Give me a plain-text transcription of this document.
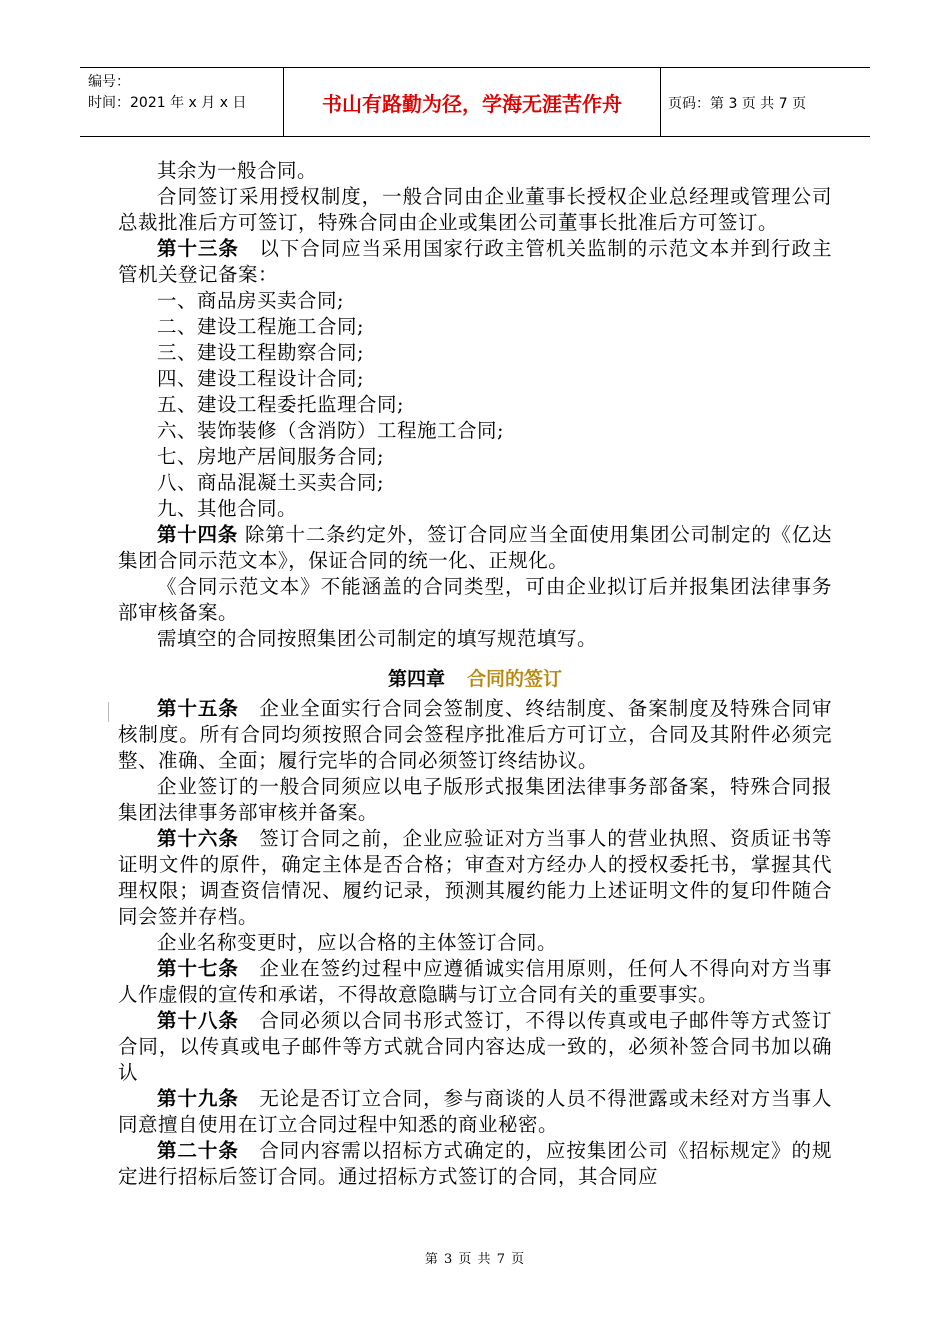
编号：
时间：2021 年 x 月 x 日	书山有路勤为径，学海无涯苦作舟	页码：第 3 页 共 7 页

其余为一般合同。

合同签订采用授权制度，一般合同由企业董事长授权企业总经理或管理公司总裁批准后方可签订，特殊合同由企业或集团公司董事长批准后方可签订。

第十三条　以下合同应当采用国家行政主管机关监制的示范文本并到行政主管机关登记备案：

一、商品房买卖合同;

二、建设工程施工合同;

三、建设工程勘察合同;

四、建设工程设计合同;

五、建设工程委托监理合同;

六、装饰装修（含消防）工程施工合同;

七、房地产居间服务合同;

八、商品混凝土买卖合同;

九、其他合同。

第十四条 除第十二条约定外，签订合同应当全面使用集团公司制定的《亿达集团合同示范文本》，保证合同的统一化、正规化。

《合同示范文本》不能涵盖的合同类型，可由企业拟订后并报集团法律事务部审核备案。

需填空的合同按照集团公司制定的填写规范填写。

第四章 合同的签订

第十五条　企业全面实行合同会签制度、终结制度、备案制度及特殊合同审核制度。所有合同均须按照合同会签程序批准后方可订立，合同及其附件必须完整、准确、全面；履行完毕的合同必须签订终结协议。

企业签订的一般合同须应以电子版形式报集团法律事务部备案，特殊合同报集团法律事务部审核并备案。

第十六条　签订合同之前，企业应验证对方当事人的营业执照、资质证书等证明文件的原件，确定主体是否合格；审查对方经办人的授权委托书，掌握其代理权限；调查资信情况、履约记录，预测其履约能力上述证明文件的复印件随合同会签并存档。

企业名称变更时，应以合格的主体签订合同。

第十七条　企业在签约过程中应遵循诚实信用原则，任何人不得向对方当事人作虚假的宣传和承诺，不得故意隐瞒与订立合同有关的重要事实。

第十八条　合同必须以合同书形式签订，不得以传真或电子邮件等方式签订合同，以传真或电子邮件等方式就合同内容达成一致的，必须补签合同书加以确认

第十九条　无论是否订立合同，参与商谈的人员不得泄露或未经对方当事人同意擅自使用在订立合同过程中知悉的商业秘密。

第二十条　合同内容需以招标方式确定的，应按集团公司《招标规定》的规定进行招标后签订合同。通过招标方式签订的合同，其合同应

第 3 页 共 7 页
